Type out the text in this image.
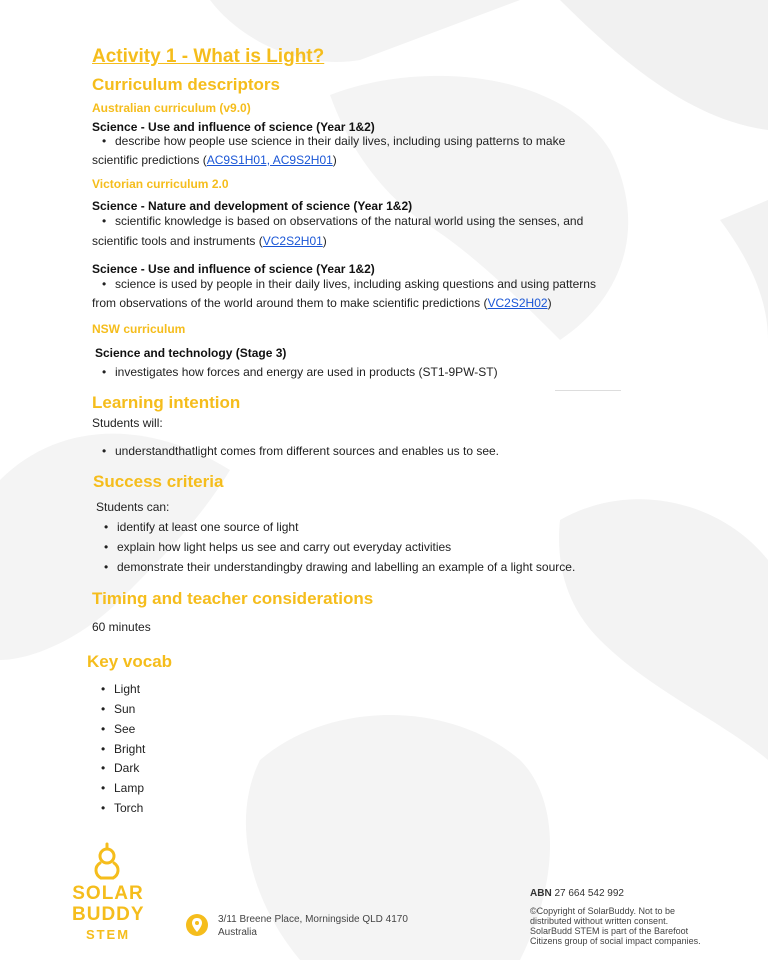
Activity 1 - What is Light?
Curriculum descriptors
Australian curriculum (v9.0)
Science - Use and influence of science (Year 1&2)
• describe how people use science in their daily lives, including using patterns to make
scientific predictions (AC9S1H01, AC9S2H01)
Victorian curriculum 2.0
Science - Nature and development of science (Year 1&2)
• scientific knowledge is based on observations of the natural world using the senses, and
scientific tools and instruments (VC2S2H01)
Science - Use and influence of science (Year 1&2)
• science is used by people in their daily lives, including asking questions and using patterns
from observations of the world around them to make scientific predictions (VC2S2H02)
NSW curriculum
Science and technology (Stage 3)
• investigates how forces and energy are used in products (ST1-9PW-ST)
Learning intention
Students will:
• understandthatlight comes from different sources and enables us to see.
Success criteria
Students can:
• identify at least one source of light
• explain how light helps us see and carry out everyday activities
• demonstrate their understandingby drawing and labelling an example of a light source.
Timing and teacher considerations
60 minutes
Key vocab
• Light
• Sun
• See
• Bright
• Dark
• Lamp
• Torch
SOLAR
BUDDY
STEM
3/11 Breene Place, Morningside QLD 4170
Australia
ABN 27 664 542 992
©Copyright of SolarBuddy. Not to be
distributed without written consent.
SolarBudd STEM is part of the Barefoot
Citizens group of social impact companies.
